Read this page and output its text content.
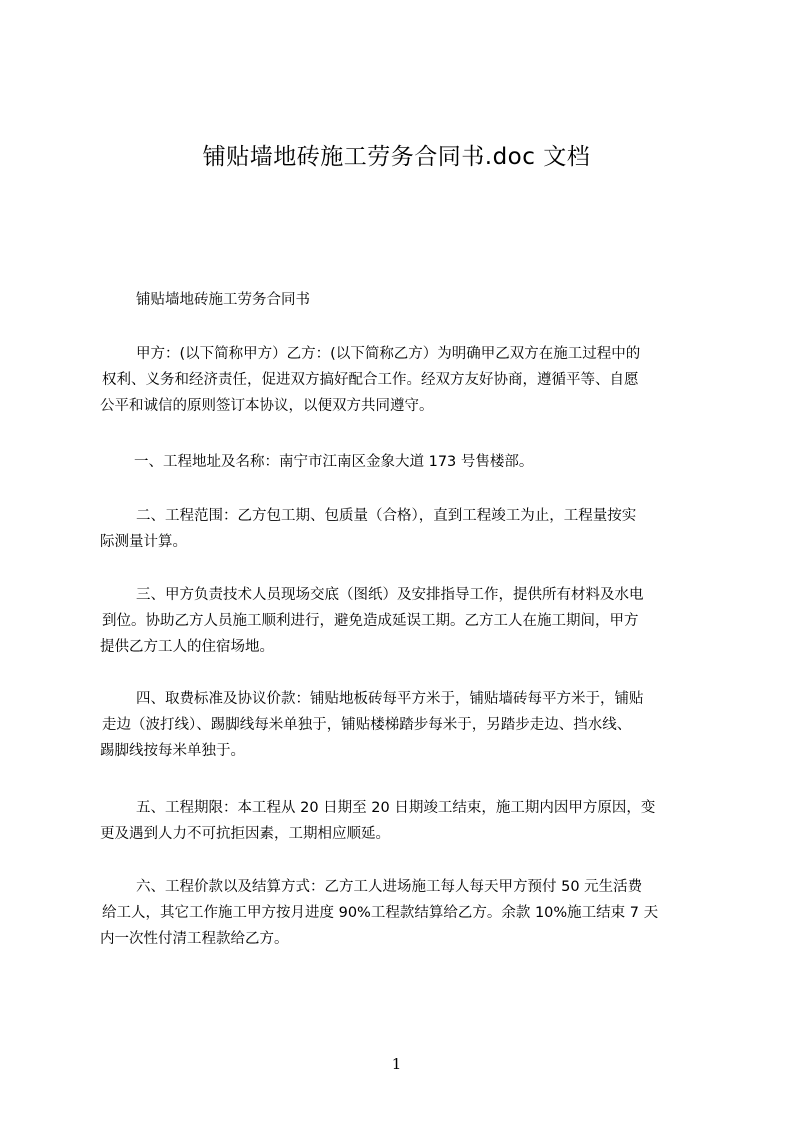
铺贴墙地砖施工劳务合同书.doc 文档
铺贴墙地砖施工劳务合同书
甲方：(以下简称甲方）乙方：(以下简称乙方）为明确甲乙双方在施工过程中的
权利、义务和经济责任，促进双方搞好配合工作。经双方友好协商，遵循平等、自愿
公平和诚信的原则签订本协议，以便双方共同遵守。
一、工程地址及名称：南宁市江南区金象大道 173 号售楼部。
二、工程范围：乙方包工期、包质量（合格），直到工程竣工为止，工程量按实
际测量计算。
三、甲方负责技术人员现场交底（图纸）及安排指导工作，提供所有材料及水电
到位。协助乙方人员施工顺利进行，避免造成延误工期。乙方工人在施工期间，甲方
提供乙方工人的住宿场地。
四、取费标准及协议价款：铺贴地板砖每平方米于，铺贴墙砖每平方米于，铺贴
走边（波打线）、踢脚线每米单独于，铺贴楼梯踏步每米于，另踏步走边、挡水线、
踢脚线按每米单独于。
五、工程期限：本工程从 20 日期至 20 日期竣工结束，施工期内因甲方原因，变
更及遇到人力不可抗拒因素，工期相应顺延。
六、工程价款以及结算方式：乙方工人进场施工每人每天甲方预付 50 元生活费
给工人，其它工作施工甲方按月进度 90%工程款结算给乙方。余款 10%施工结束 7 天
内一次性付清工程款给乙方。
1
